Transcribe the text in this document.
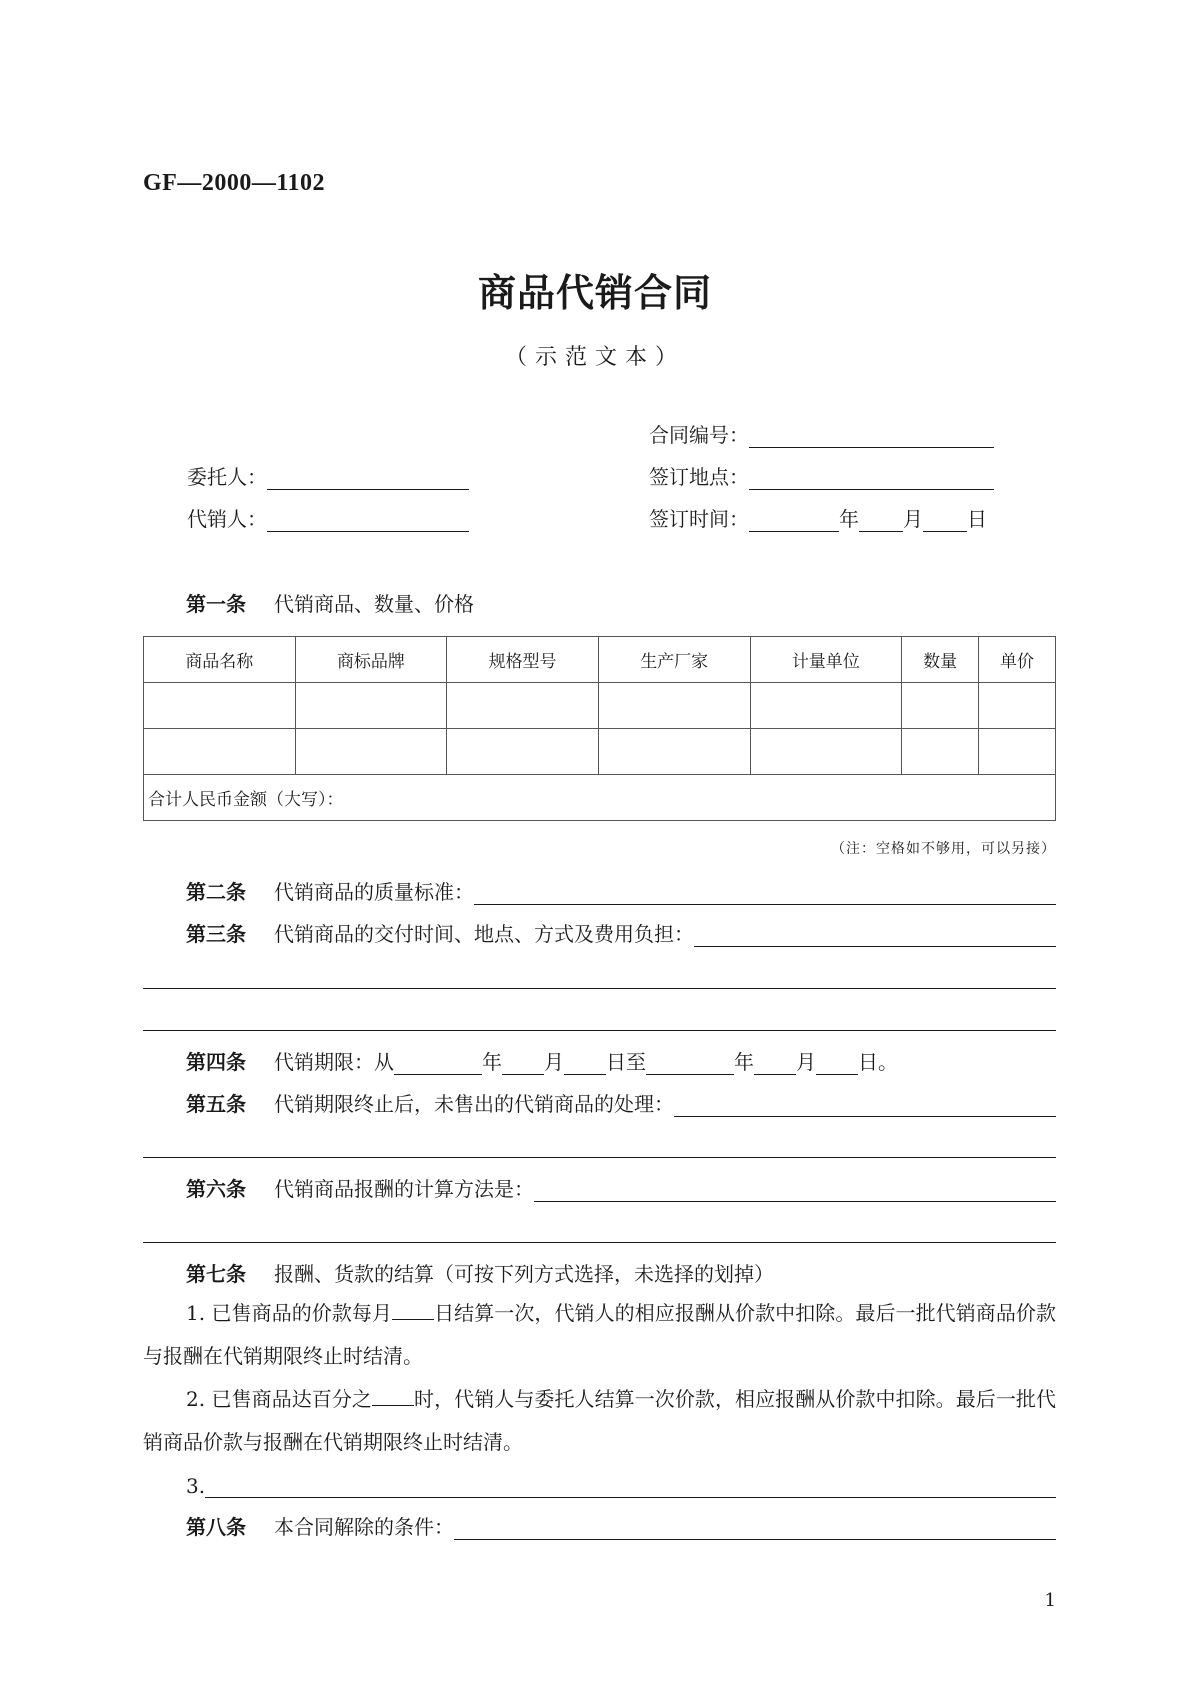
GF—2000—1102
商品代销合同
（示范文本）
合同编号：
委托人：	签订地点：
代销人：	签订时间：	年 月 日
第一条	代销商品、数量、价格
商品名称	商标品牌	规格型号	生产厂家	计量单位	数量	单价

合计人民币金额（大写）：						
（注：空格如不够用，可以另接）
第二条	代销商品的质量标准：
第三条	代销商品的交付时间、地点、方式及费用负担：
第四条	代销期限：从	年 月 日至	年 月 日。
第五条	代销期限终止后，未售出的代销商品的处理：
第六条	代销商品报酬的计算方法是：
第七条	报酬、货款的结算（可按下列方式选择，未选择的划掉）
1. 已售商品的价款每月 日结算一次，代销人的相应报酬从价款中扣除。最后一批代销商品价款与报酬在代销期限终止时结清。
2. 已售商品达百分之 时，代销人与委托人结算一次价款，相应报酬从价款中扣除。最后一批代销商品价款与报酬在代销期限终止时结清。
3.
第八条	本合同解除的条件：
1
